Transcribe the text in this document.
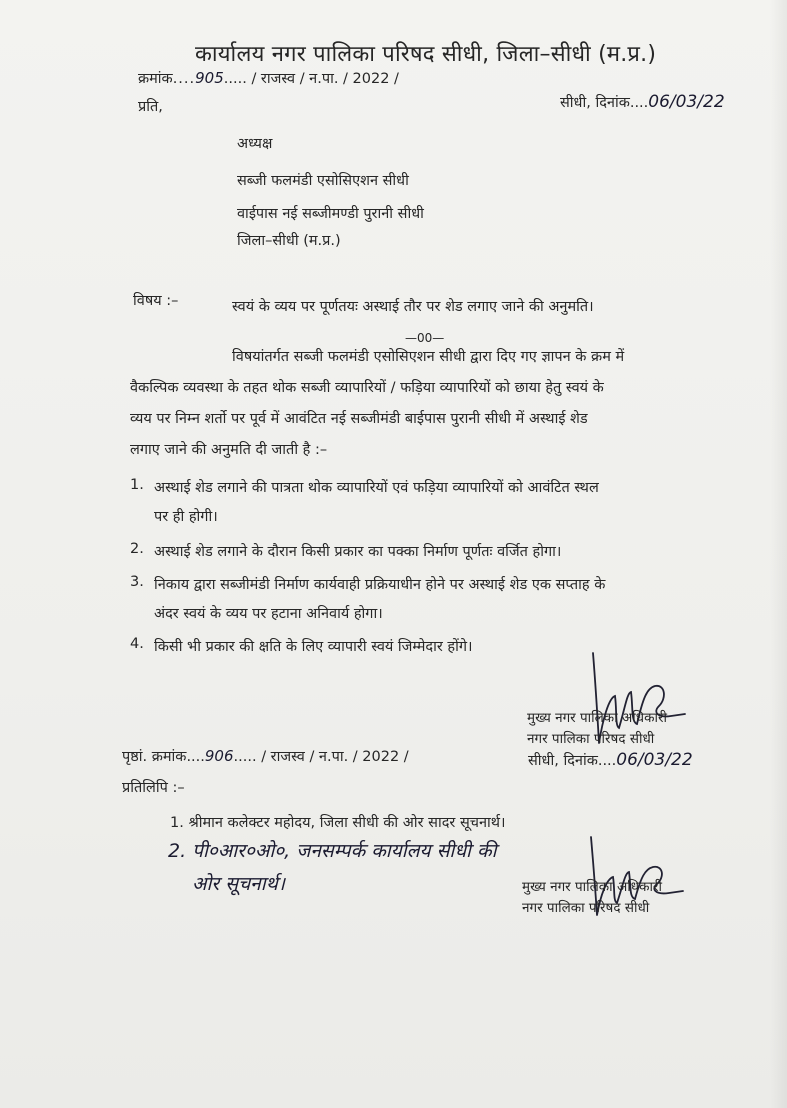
कार्यालय नगर पालिका परिषद सीधी, जिला–सीधी (म.प्र.)
क्रमांक....905..... / राजस्व / न.पा. / 2022 /
सीधी, दिनांक....06/03/22
प्रति,
अध्यक्ष
सब्जी फलमंडी एसोसिएशन सीधी
वाईपास नई सब्जीमण्डी पुरानी सीधी
जिला–सीधी (म.प्र.)
विषय :–	स्वयं के व्यय पर पूर्णतयः अस्थाई तौर पर शेड लगाए जाने की अनुमति।
—00—
विषयांतर्गत सब्जी फलमंडी एसोसिएशन सीधी द्वारा दिए गए ज्ञापन के क्रम में
वैकल्पिक व्यवस्था के तहत थोक सब्जी व्यापारियों / फड़िया व्यापारियों को छाया हेतु स्वयं के
व्यय पर निम्न शर्तो पर पूर्व में आवंटित नई सब्जीमंडी बाईपास पुरानी सीधी में अस्थाई शेड
लगाए जाने की अनुमति दी जाती है :–
1. अस्थाई शेड लगाने की पात्रता थोक व्यापारियों एवं फड़िया व्यापारियों को आवंटित स्थल
पर ही होगी।
2. अस्थाई शेड लगाने के दौरान किसी प्रकार का पक्का निर्माण पूर्णतः वर्जित होगा।
3. निकाय द्वारा सब्जीमंडी निर्माण कार्यवाही प्रक्रियाधीन होने पर अस्थाई शेड एक सप्ताह के
अंदर स्वयं के व्यय पर हटाना अनिवार्य होगा।
4. किसी भी प्रकार की क्षति के लिए व्यापारी स्वयं जिम्मेदार होंगे।
मुख्य नगर पालिका अधिकारी
नगर पालिका परिषद सीधी
पृष्ठां. क्रमांक....906..... / राजस्व / न.पा. / 2022 /	सीधी, दिनांक....06/03/22
प्रतिलिपि :–
1. श्रीमान कलेक्टर महोदय, जिला सीधी की ओर सादर सूचनार्थ।
2. पी०आर०ओ०, जनसम्पर्क कार्यालय सीधी की
ओर सूचनार्थ।	मुख्य नगर पालिका अधिकारी
नगर पालिका परिषद सीधी
